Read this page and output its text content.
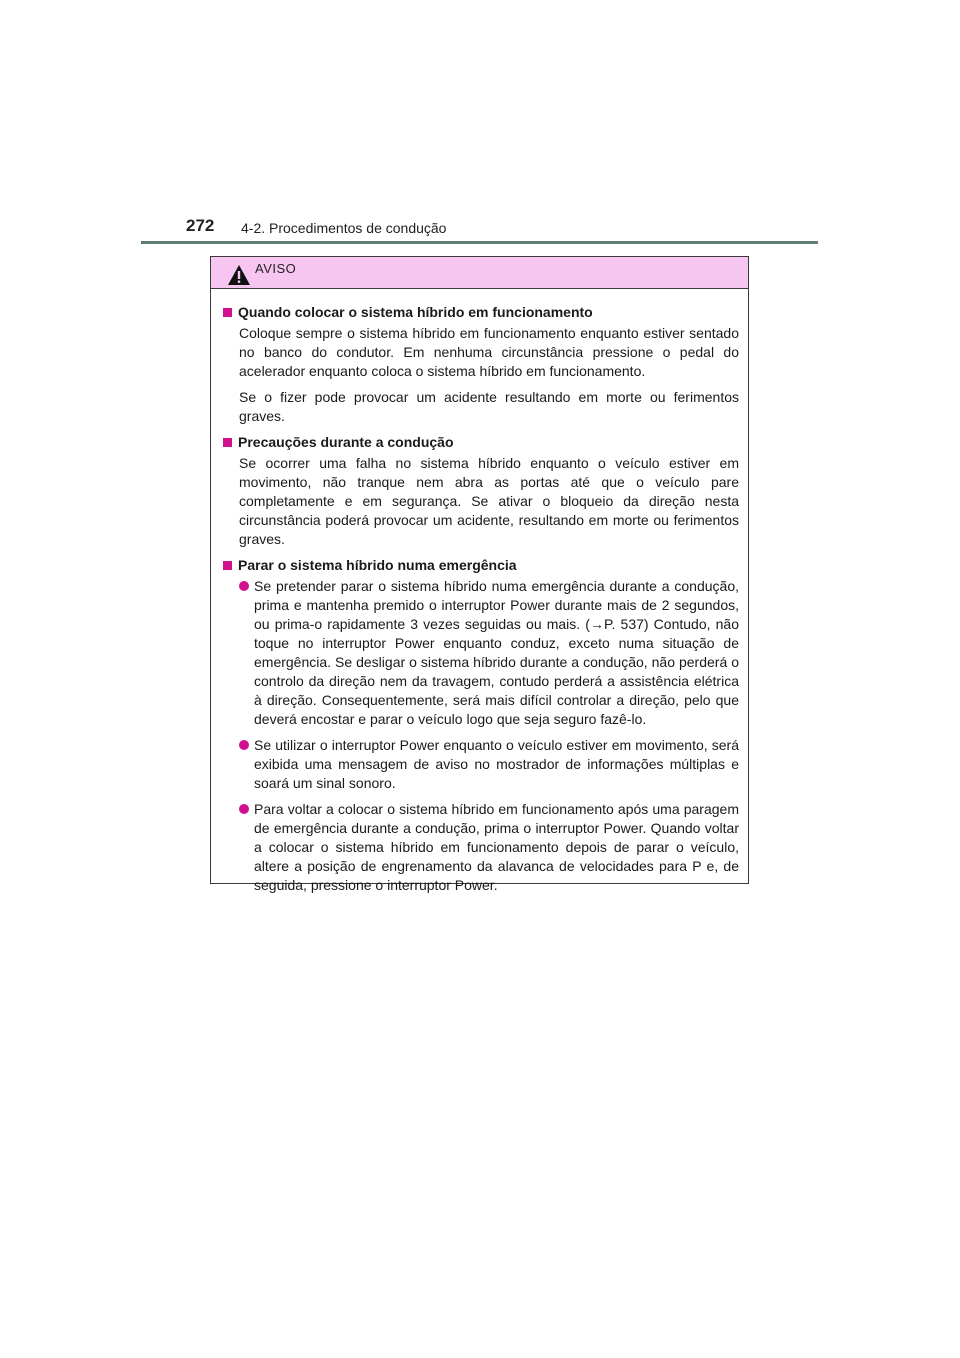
272 4-2. Procedimentos de condução
AVISO
Quando colocar o sistema híbrido em funcionamento

Coloque sempre o sistema híbrido em funcionamento enquanto estiver sentado no banco do condutor. Em nenhuma circunstância pressione o pedal do acelerador enquanto coloca o sistema híbrido em funcionamento.

Se o fizer pode provocar um acidente resultando em morte ou ferimentos graves.

Precauções durante a condução

Se ocorrer uma falha no sistema híbrido enquanto o veículo estiver em movimento, não tranque nem abra as portas até que o veículo pare completamente e em segurança. Se ativar o bloqueio da direção nesta circunstância poderá provocar um acidente, resultando em morte ou ferimentos graves.

Parar o sistema híbrido numa emergência
Se pretender parar o sistema híbrido numa emergência durante a condução, prima e mantenha premido o interruptor Power durante mais de 2 segundos, ou prima-o rapidamente 3 vezes seguidas ou mais. (→P. 537) Contudo, não toque no interruptor Power enquanto conduz, exceto numa situação de emergência. Se desligar o sistema híbrido durante a condução, não perderá o controlo da direção nem da travagem, contudo perderá a assistência elétrica à direção. Consequentemente, será mais difícil controlar a direção, pelo que deverá encostar e parar o veículo logo que seja seguro fazê-lo.
Se utilizar o interruptor Power enquanto o veículo estiver em movimento, será exibida uma mensagem de aviso no mostrador de informações múltiplas e soará um sinal sonoro.
Para voltar a colocar o sistema híbrido em funcionamento após uma paragem de emergência durante a condução, prima o interruptor Power. Quando voltar a colocar o sistema híbrido em funcionamento depois de parar o veículo, altere a posição de engrenamento da alavanca de velocidades para P e, de seguida, pressione o interruptor Power.
